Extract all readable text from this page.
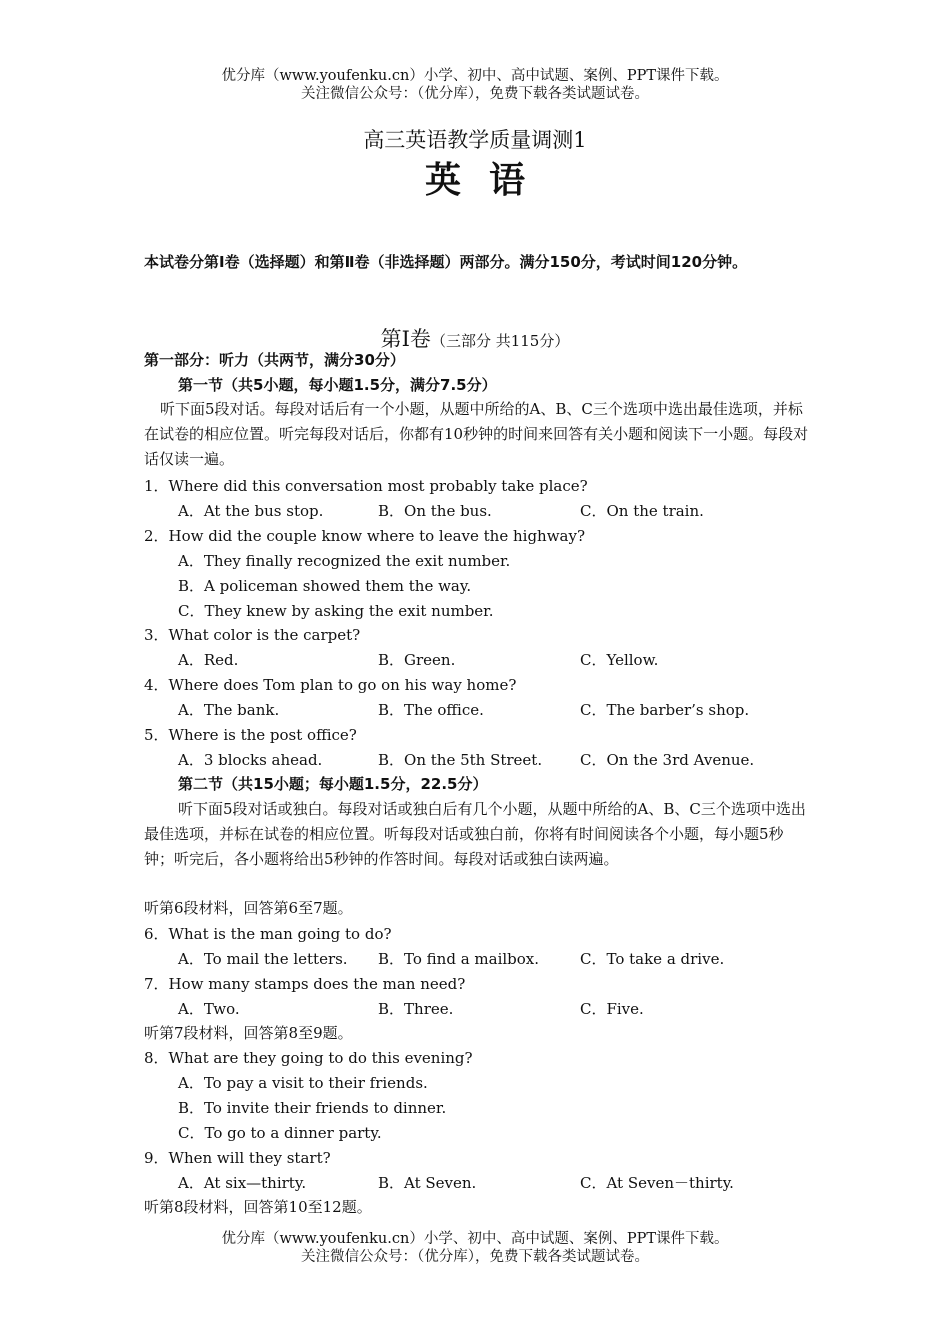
优分库（www.youfenku.cn）小学、初中、高中试题、案例、PPT课件下载。
关注微信公众号：（优分库），免费下载各类试题试卷。
高三英语教学质量调测1
英语
本试卷分第Ⅰ卷（选择题）和第Ⅱ卷（非选择题）两部分。满分150分，考试时间120分钟。
第Ⅰ卷（三部分 共115分）
第一部分：听力（共两节，满分30分）
第一节（共5小题，每小题1.5分，满分7.5分）
听下面5段对话。每段对话后有一个小题，从题中所给的A、B、C三个选项中选出最佳选项，并标在试卷的相应位置。听完每段对话后，你都有10秒钟的时间来回答有关小题和阅读下一小题。每段对话仅读一遍。
1．Where did this conversation most probably take place?
A．At the bus stop.	B．On the bus.	C．On the train.
2．How did the couple know where to leave the highway?
A．They finally recognized the exit number.
B．A policeman showed them the way.
C．They knew by asking the exit number.
3．What color is the carpet?
A．Red.	B．Green.	C．Yellow.
4．Where does Tom plan to go on his way home?
A．The bank.	B．The office.	C．The barber’s shop.
5．Where is the post office?
A．3 blocks ahead.	B．On the 5th Street.	C．On the 3rd Avenue.
第二节（共15小题；每小题1.5分，22.5分）
听下面5段对话或独白。每段对话或独白后有几个小题，从题中所给的A、B、C三个选项中选出最佳选项，并标在试卷的相应位置。听每段对话或独白前，你将有时间阅读各个小题，每小题5秒钟；听完后，各小题将给出5秒钟的作答时间。每段对话或独白读两遍。
听第6段材料，回答第6至7题。
6．What is the man going to do?
A．To mail the letters. B．To find a mailbox.	C．To take a drive.
7．How many stamps does the man need?
A．Two.	B．Three.	C．Five.
听第7段材料，回答第8至9题。
8．What are they going to do this evening?
A．To pay a visit to their friends.
B．To invite their friends to dinner.
C．To go to a dinner party.
9．When will they start?
A．At six—thirty.	B．At Seven.	C．At Seven－thirty.
听第8段材料，回答第10至12题。
优分库（www.youfenku.cn）小学、初中、高中试题、案例、PPT课件下载。
关注微信公众号：（优分库），免费下载各类试题试卷。
